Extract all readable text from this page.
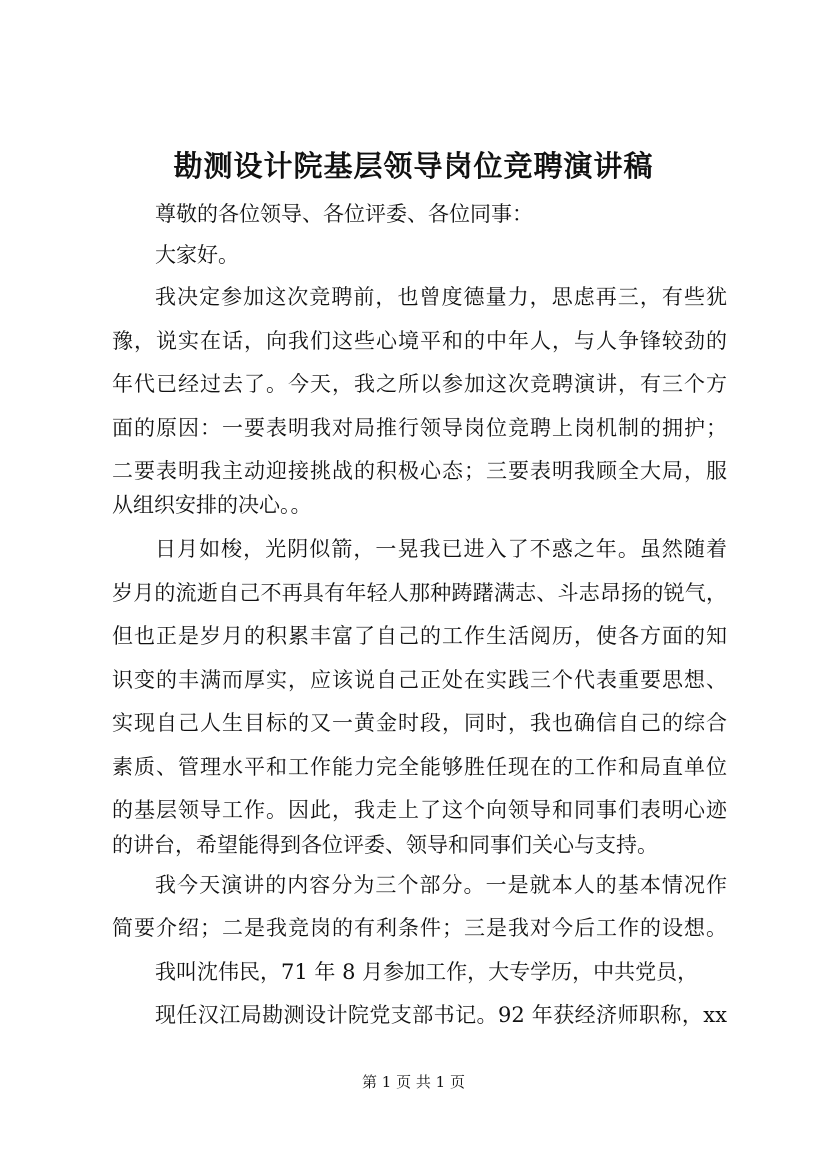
勘测设计院基层领导岗位竞聘演讲稿

尊敬的各位领导、各位评委、各位同事：

大家好。

我决定参加这次竞聘前，也曾度德量力，思虑再三，有些犹

豫，说实在话，向我们这些心境平和的中年人，与人争锋较劲的

年代已经过去了。今天，我之所以参加这次竞聘演讲，有三个方

面的原因：一要表明我对局推行领导岗位竞聘上岗机制的拥护；

二要表明我主动迎接挑战的积极心态；三要表明我顾全大局，服

从组织安排的决心。。

日月如梭，光阴似箭，一晃我已进入了不惑之年。虽然随着

岁月的流逝自己不再具有年轻人那种踌躇满志、斗志昂扬的锐气，

但也正是岁月的积累丰富了自己的工作生活阅历，使各方面的知

识变的丰满而厚实，应该说自己正处在实践三个代表重要思想、

实现自己人生目标的又一黄金时段，同时，我也确信自己的综合

素质、管理水平和工作能力完全能够胜任现在的工作和局直单位

的基层领导工作。因此，我走上了这个向领导和同事们表明心迹

的讲台，希望能得到各位评委、领导和同事们关心与支持。

我今天演讲的内容分为三个部分。一是就本人的基本情况作

简要介绍；二是我竞岗的有利条件；三是我对今后工作的设想。

我叫沈伟民，71 年 8 月参加工作，大专学历，中共党员，

现任汉江局勘测设计院党支部书记。92 年获经济师职称，xx

第 1 页 共 1 页
